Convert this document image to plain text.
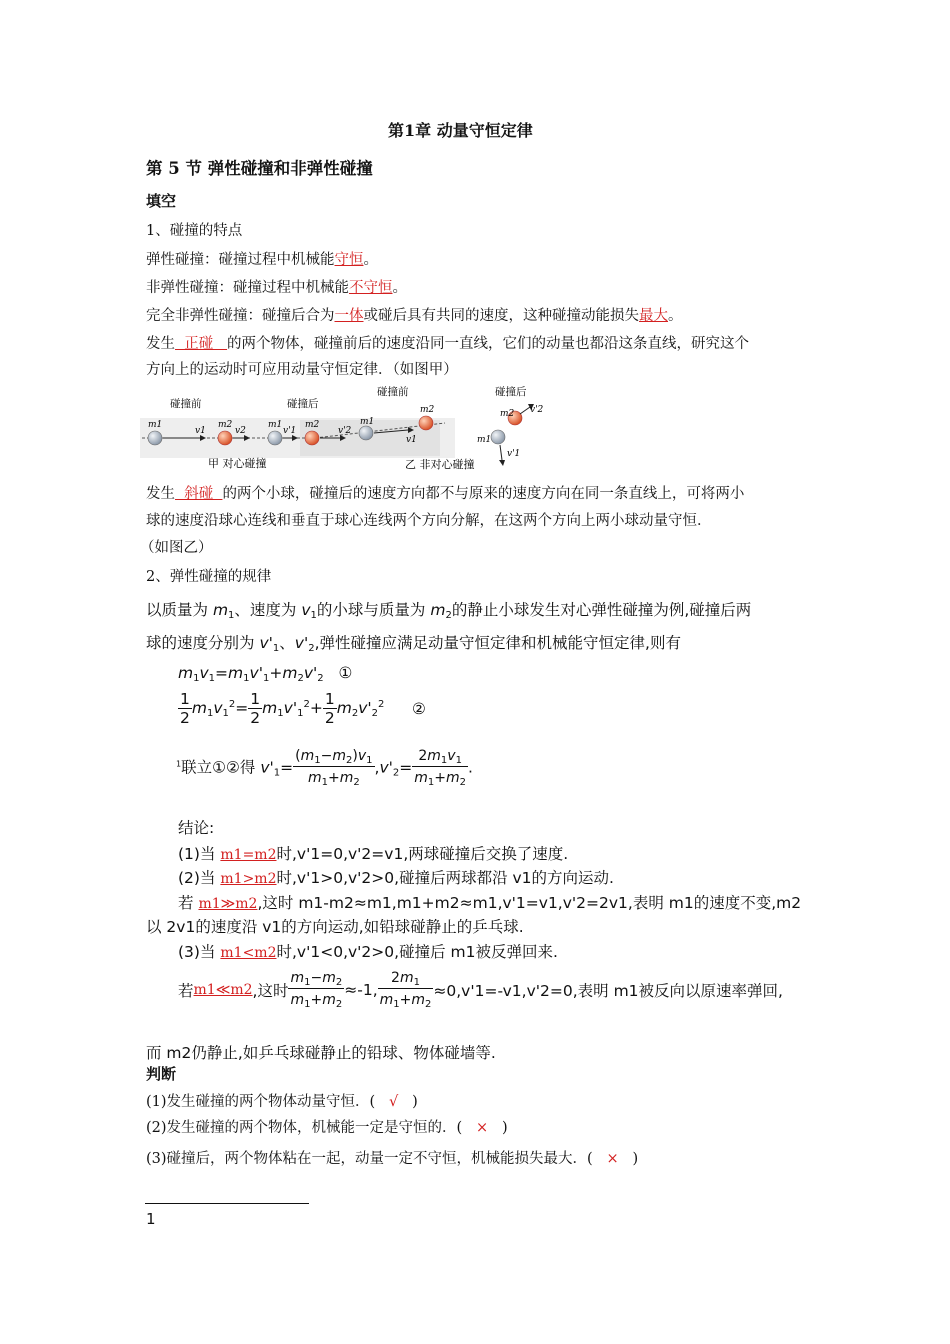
第1章 动量守恒定律
第 5 节 弹性碰撞和非弹性碰撞
填空
1、碰撞的特点
弹性碰撞：碰撞过程中机械能守恒。
非弹性碰撞：碰撞过程中机械能不守恒。
完全非弹性碰撞：碰撞后合为一体或碰后具有共同的速度，这种碰撞动能损失最大。
发生  正碰   的两个物体，碰撞前后的速度沿同一直线，它们的动量也都沿这条直线，研究这个
方向上的运动时可应用动量守恒定律．（如图甲）
碰撞前	碰撞后
碰撞前	碰撞后
m1	m2
v1	v2
m1	m2
v'1	v'2
m1
m2
v1
m2 v'2
m1
v'1
甲 对心碰撞	乙 非对心碰撞
发生  斜碰  的两个小球，碰撞后的速度方向都不与原来的速度方向在同一条直线上，可将两小
球的速度沿球心连线和垂直于球心连线两个方向分解，在这两个方向上两小球动量守恒．
（如图乙）
2、弹性碰撞的规律
以质量为 $m_1$、速度为 $v_1$的小球与质量为 $m_2$的静止小球发生对心弹性碰撞为例,碰撞后两
球的速度分别为 $v'_1$、$v'_2$,弹性碰撞应满足动量守恒定律和机械能守恒定律,则有
$m_1v_1=m_1v'_1+m_2v'_2$ ①
$\frac{1}{2} m_1v_1^2= \frac{1}{2} m_1v'_1^2+ \frac{1}{2} m_2v'_2^2$ ②
$^1$联立①②得 $v'_1= \frac{(m_1-m_2)v_1}{m_1+m_2} ,v'_2= \frac{2m_1v_1}{m_1+m_2}$ .
结论:
(1)当 m1=m2时,v'1=0,v'2=v1,两球碰撞后交换了速度.
(2)当 m1>m2时,v'1>0,v'2>0,碰撞后两球都沿 v1的方向运动.
若 m1≫m2,这时 m1-m2≈m1,m1+m2≈m1,v'1=v1,v'2=2v1,表明 m1的速度不变,m2
以 2v1的速度沿 v1的方向运动,如铅球碰静止的乒乓球.
(3)当 m1<m2时,v'1<0,v'2>0,碰撞后 m1被反弹回来.
若m1≪m2,这时 $\frac{m_1-m_2}{m_1+m_2} \approx-1$, $\frac{2m_1}{m_1+m_2} \approx 0,v'1=-v1,v'2=0$,表明 m1被反向以原速率弹回,
而 m2仍静止,如乒乓球碰静止的铅球、物体碰墙等.
判断
(1)发生碰撞的两个物体动量守恒．( √ )
(2)发生碰撞的两个物体，机械能一定是守恒的．( × )
(3)碰撞后，两个物体粘在一起，动量一定不守恒，机械能损失最大．( × )
1
